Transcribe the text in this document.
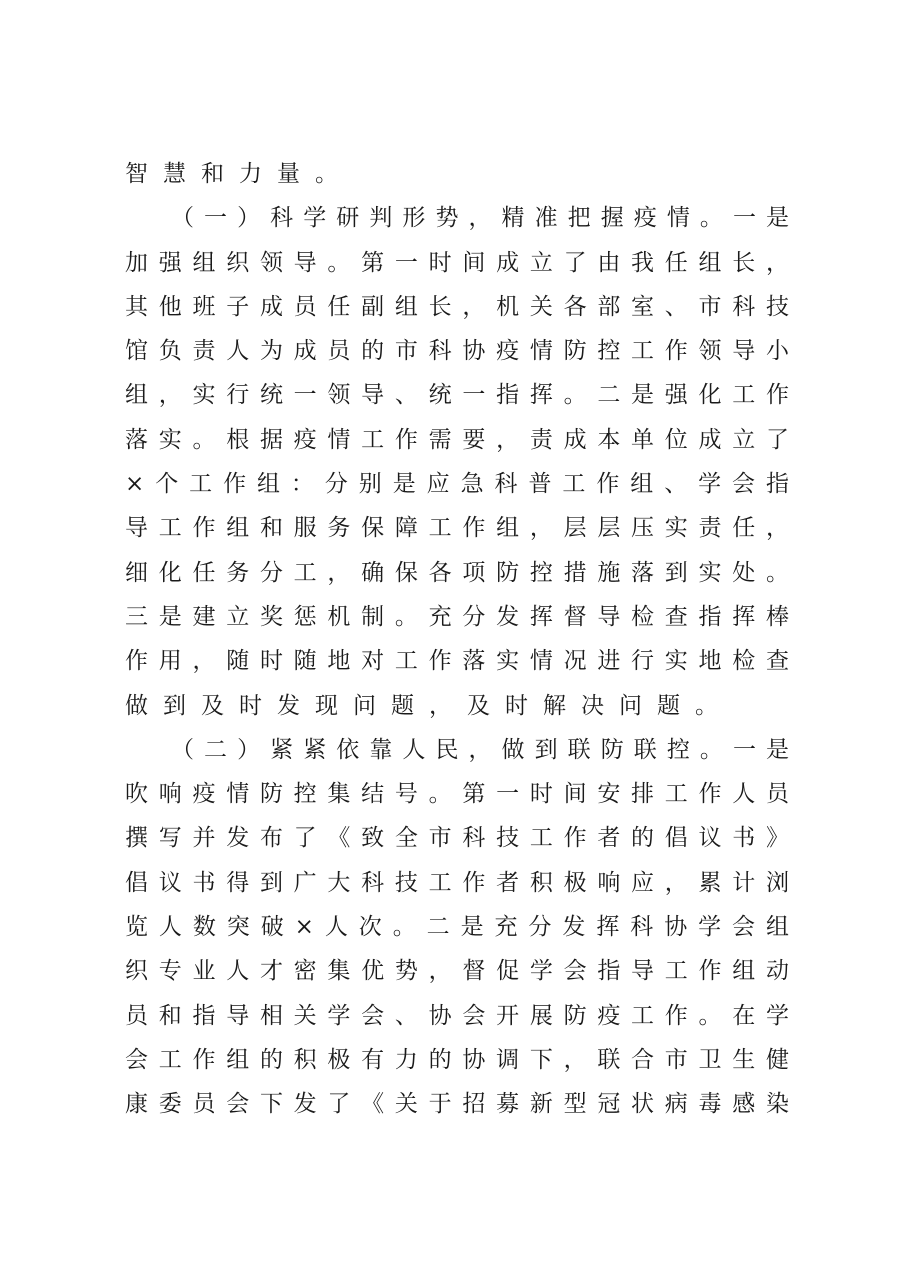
智慧和力量。
（一）科学研判形势，精准把握疫情。一是
加强组织领导。第一时间成立了由我任组长，
其他班子成员任副组长，机关各部室、市科技
馆负责人为成员的市科协疫情防控工作领导小
组，实行统一领导、统一指挥。二是强化工作
落实。根据疫情工作需要，责成本单位成立了
×个工作组：分别是应急科普工作组、学会指
导工作组和服务保障工作组，层层压实责任，
细化任务分工，确保各项防控措施落到实处。
三是建立奖惩机制。充分发挥督导检查指挥棒
作用，随时随地对工作落实情况进行实地检查
做到及时发现问题，及时解决问题。
（二）紧紧依靠人民，做到联防联控。一是
吹响疫情防控集结号。第一时间安排工作人员
撰写并发布了《致全市科技工作者的倡议书》
倡议书得到广大科技工作者积极响应，累计浏
览人数突破×人次。二是充分发挥科协学会组
织专业人才密集优势，督促学会指导工作组动
员和指导相关学会、协会开展防疫工作。在学
会工作组的积极有力的协调下，联合市卫生健
康委员会下发了《关于招募新型冠状病毒感染
